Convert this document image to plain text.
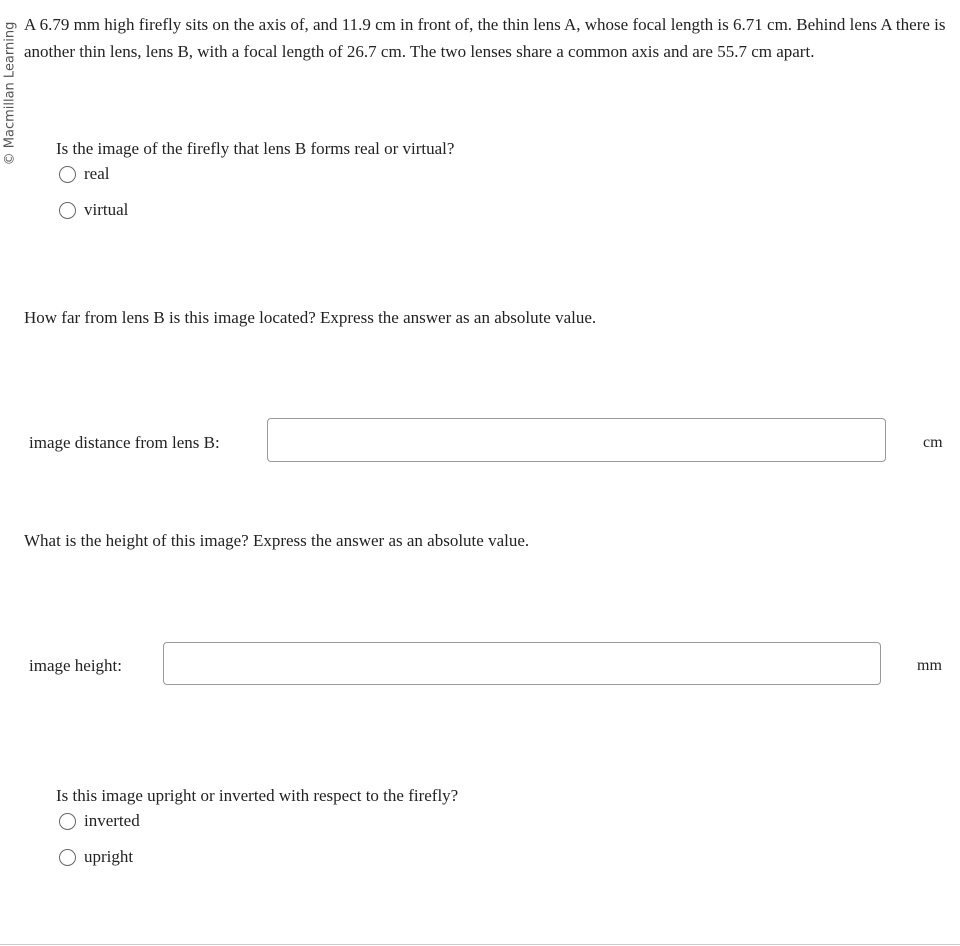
© Macmillan Learning A 6.79 mm high firefly sits on the axis of, and 11.9 cm in front of, the thin lens A, whose focal length is 6.71 cm. Behind lens A there is another thin lens, lens B, with a focal length of 26.7 cm. The two lenses share a common axis and are 55.7 cm apart.

Is the image of the firefly that lens B forms real or virtual?

real
virtual

How far from lens B is this image located? Express the answer as an absolute value.

image distance from lens B:	cm

What is the height of this image? Express the answer as an absolute value.

image height:	mm

Is this image upright or inverted with respect to the firefly?

inverted
upright
